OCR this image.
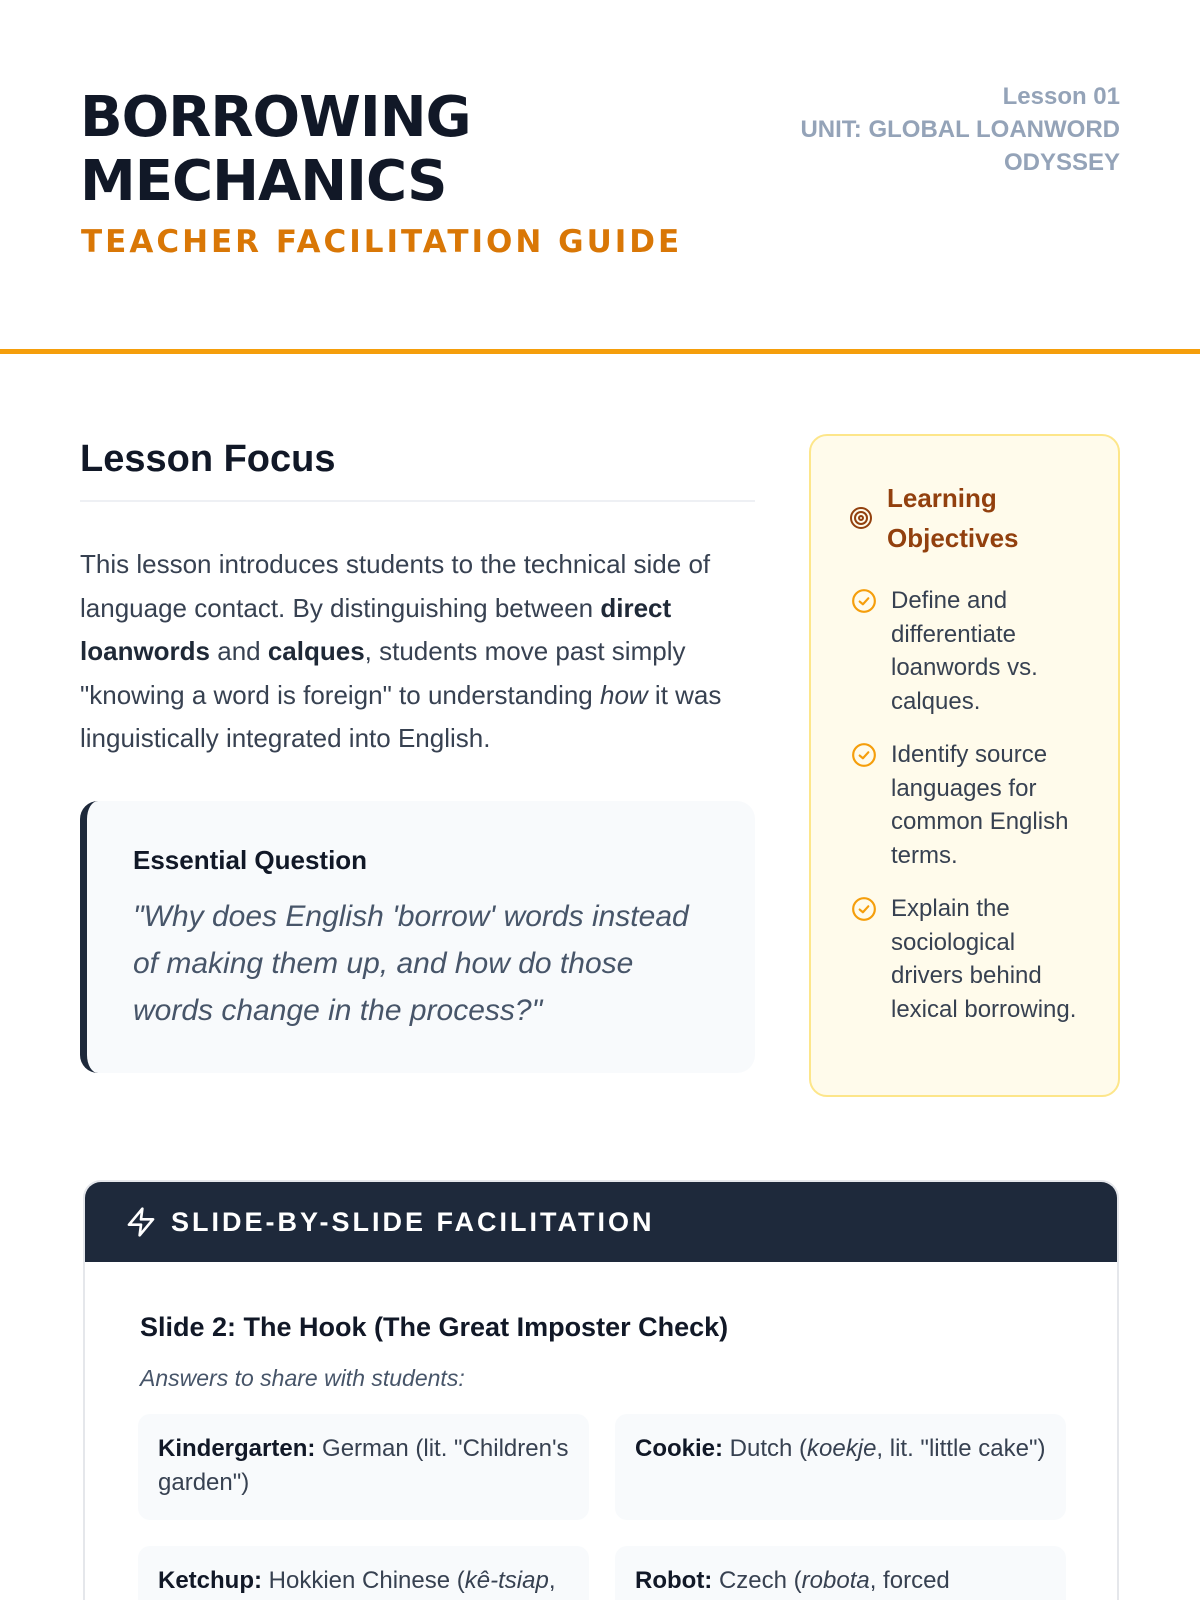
BORROWING
MECHANICS
TEACHER FACILITATION GUIDE
Lesson 01
UNIT: GLOBAL LOANWORD
ODYSSEY
Lesson Focus
This lesson introduces students to the technical side of language contact. By distinguishing between direct loanwords and calques, students move past simply "knowing a word is foreign" to understanding how it was linguistically integrated into English.
Essential Question
"Why does English 'borrow' words instead of making them up, and how do those words change in the process?"
Learning Objectives
Define and differentiate loanwords vs. calques.
Identify source languages for common English terms.
Explain the sociological drivers behind lexical borrowing.
SLIDE-BY-SLIDE FACILITATION
Slide 2: The Hook (The Great Imposter Check)
Answers to share with students:
Kindergarten: German (lit. "Children's garden")
Cookie: Dutch (koekje, lit. "little cake")
Ketchup: Hokkien Chinese (kê-tsiap,	Robot: Czech (robota, forced
